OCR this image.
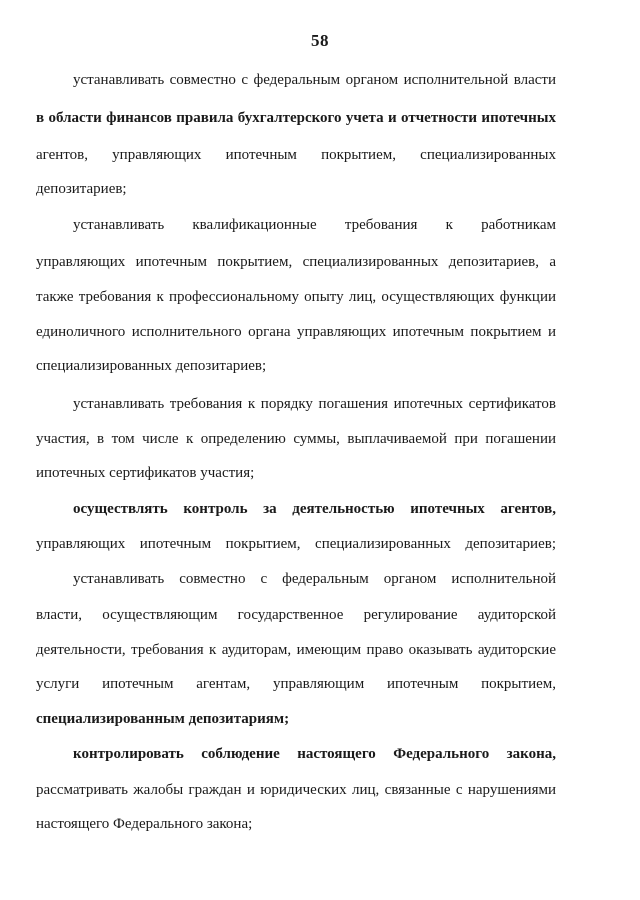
58
устанавливать совместно с федеральным органом исполнительной власти
в области финансов правила бухгалтерского учета и отчетности ипотечных
агентов, управляющих ипотечным покрытием, специализированных
депозитариев;
устанавливать квалификационные требования к работникам
управляющих ипотечным покрытием, специализированных депозитариев, а
также требования к профессиональному опыту лиц, осуществляющих функции
единоличного исполнительного органа управляющих ипотечным покрытием и
специализированных депозитариев;
устанавливать требования к порядку погашения ипотечных сертификатов
участия, в том числе к определению суммы, выплачиваемой при погашении
ипотечных сертификатов участия;
осуществлять контроль за деятельностью ипотечных агентов,
управляющих ипотечным покрытием, специализированных депозитариев;
устанавливать совместно с федеральным органом исполнительной
власти, осуществляющим государственное регулирование аудиторской
деятельности, требования к аудиторам, имеющим право оказывать аудиторские
услуги ипотечным агентам, управляющим ипотечным покрытием,
специализированным депозитариям;
контролировать соблюдение настоящего Федерального закона,
рассматривать жалобы граждан и юридических лиц, связанные с нарушениями
настоящего Федерального закона;
